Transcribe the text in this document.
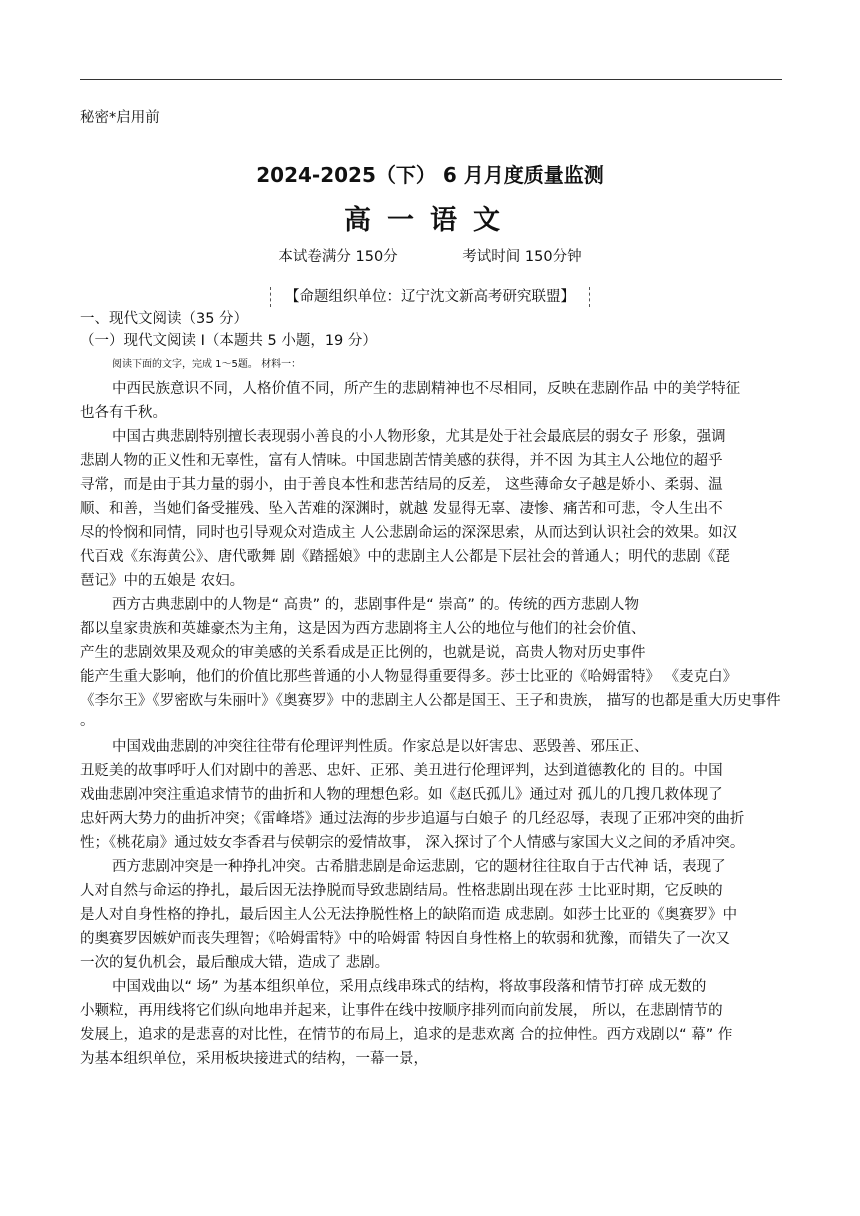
秘密*启用前
2024-2025（下） 6 月月度质量监测
高一语文
本试卷满分 150分	考试时间 150分钟
【命题组织单位：辽宁沈文新高考研究联盟】
一、现代文阅读（35 分）
（一）现代文阅读 I（本题共 5 小题，19 分）
阅读下面的文字，完成 1～5题。 材料一：
中西民族意识不同，人格价值不同，所产生的悲剧精神也不尽相同，反映在悲剧作品 中的美学特征
也各有千秋。
中国古典悲剧特别擅长表现弱小善良的小人物形象，尤其是处于社会最底层的弱女子 形象，强调
悲剧人物的正义性和无辜性，富有人情味。中国悲剧苦情美感的获得，并不因 为其主人公地位的超乎
寻常，而是由于其力量的弱小，由于善良本性和悲苦结局的反差， 这些薄命女子越是娇小、柔弱、温
顺、和善，当她们备受摧残、坠入苦难的深渊时，就越 发显得无辜、凄惨、痛苦和可悲，令人生出不
尽的怜悯和同情，同时也引导观众对造成主 人公悲剧命运的深深思索，从而达到认识社会的效果。如汉
代百戏《东海黄公》、唐代歌舞 剧《踏摇娘》中的悲剧主人公都是下层社会的普通人；明代的悲剧《琵
琶记》中的五娘是 农妇。
西方古典悲剧中的人物是“ 高贵” 的，悲剧事件是“ 崇高” 的。传统的西方悲剧人物
都以皇家贵族和英雄豪杰为主角，这是因为西方悲剧将主人公的地位与他们的社会价值、
产生的悲剧效果及观众的审美感的关系看成是正比例的，也就是说，高贵人物对历史事件
能产生重大影响，他们的价值比那些普通的小人物显得重要得多。莎士比亚的《哈姆雷特》 《麦克白》
《李尔王》《罗密欧与朱丽叶》《奥赛罗》中的悲剧主人公都是国王、王子和贵族， 描写的也都是重大历史事件
。
中国戏曲悲剧的冲突往往带有伦理评判性质。作家总是以奸害忠、恶毁善、邪压正、
丑贬美的故事呼吁人们对剧中的善恶、忠奸、正邪、美丑进行伦理评判，达到道德教化的 目的。中国
戏曲悲剧冲突注重追求情节的曲折和人物的理想色彩。如《赵氏孤儿》通过对 孤儿的几搜几救体现了
忠奸两大势力的曲折冲突；《雷峰塔》通过法海的步步追逼与白娘子 的几经忍辱，表现了正邪冲突的曲折
性；《桃花扇》通过妓女李香君与侯朝宗的爱情故事， 深入探讨了个人情感与家国大义之间的矛盾冲突。
西方悲剧冲突是一种挣扎冲突。古希腊悲剧是命运悲剧，它的题材往往取自于古代神 话，表现了
人对自然与命运的挣扎，最后因无法挣脱而导致悲剧结局。性格悲剧出现在莎 士比亚时期，它反映的
是人对自身性格的挣扎，最后因主人公无法挣脱性格上的缺陷而造 成悲剧。如莎士比亚的《奥赛罗》中
的奥赛罗因嫉妒而丧失理智；《哈姆雷特》中的哈姆雷 特因自身性格上的软弱和犹豫，而错失了一次又
一次的复仇机会，最后酿成大错，造成了 悲剧。
中国戏曲以“ 场” 为基本组织单位，采用点线串珠式的结构，将故事段落和情节打碎 成无数的
小颗粒，再用线将它们纵向地串并起来，让事件在线中按顺序排列而向前发展， 所以，在悲剧情节的
发展上，追求的是悲喜的对比性，在情节的布局上，追求的是悲欢离 合的拉伸性。西方戏剧以“ 幕” 作
为基本组织单位，采用板块接进式的结构，一幕一景，
